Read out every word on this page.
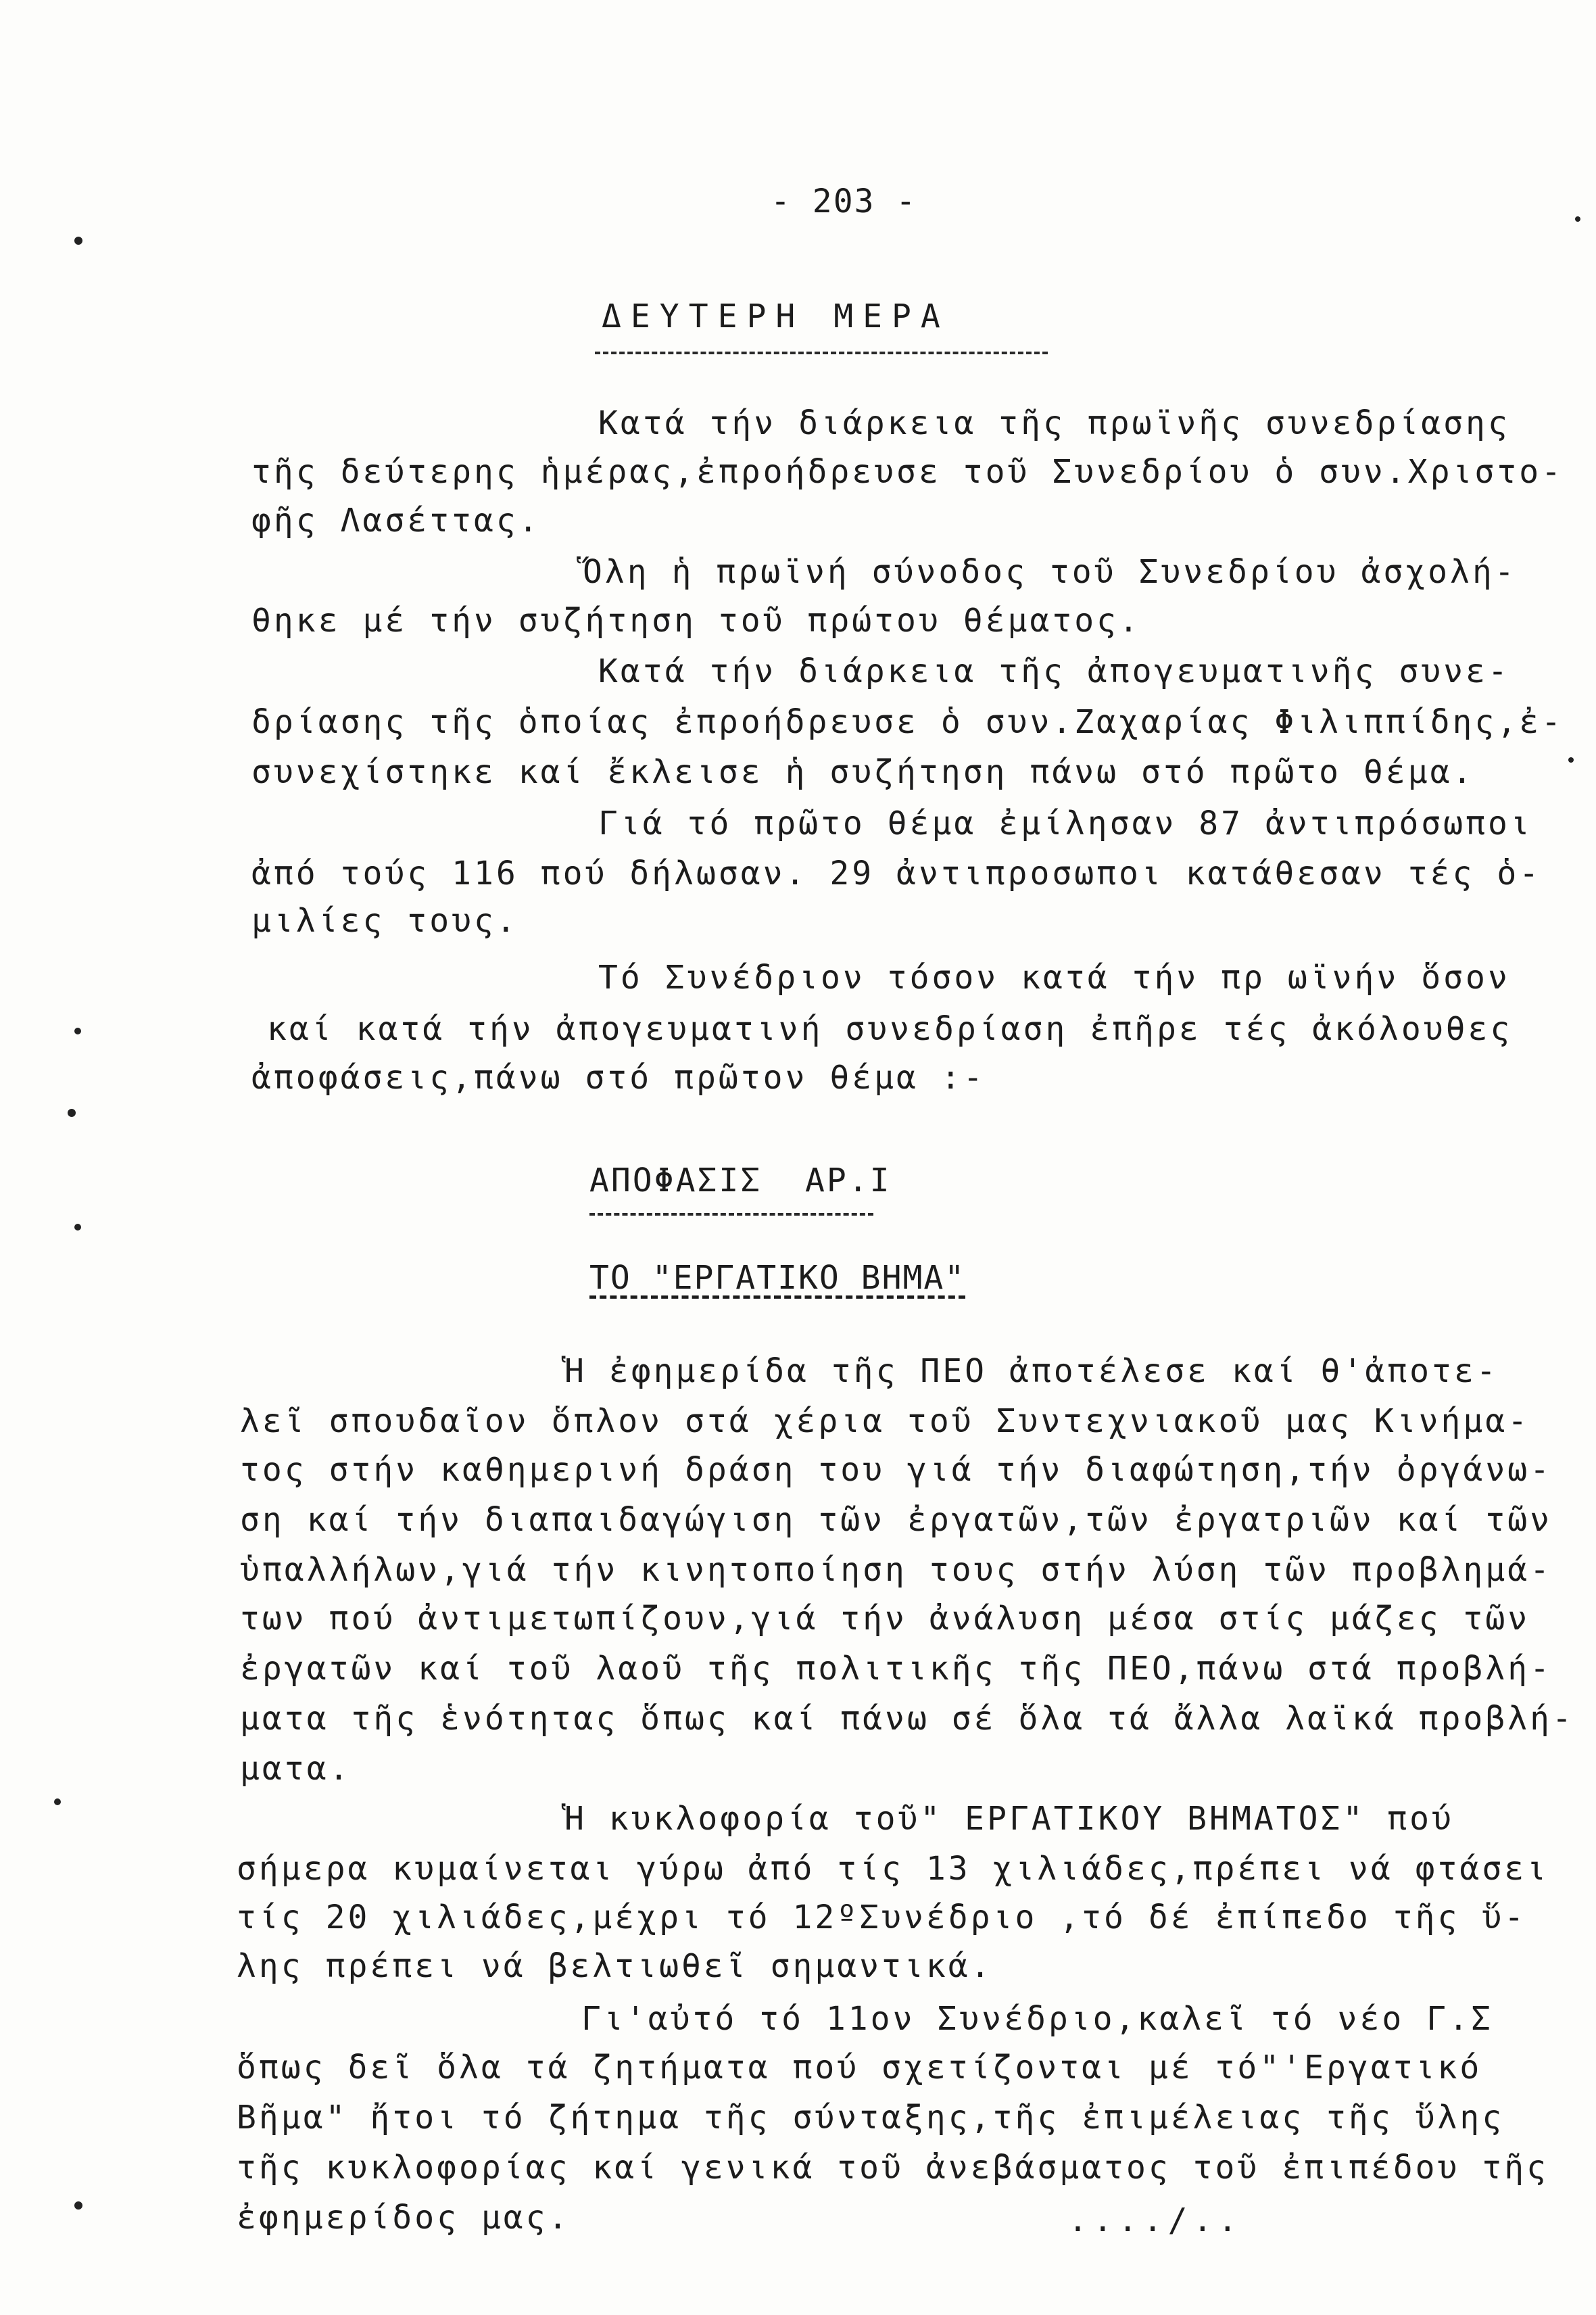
- 203 -
ΔΕΥΤΕΡΗ ΜΕΡΑ
Κατά τήν διάρκεια τῆς πρωϊνῆς συνεδρίασης
τῆς δεύτερης ἡμέρας,ἐπροήδρευσε τοῦ Συνεδρίου ὁ συν.Χριστο-
φῆς Λασέττας.
Ὅλη ἡ πρωϊνή σύνοδος τοῦ Συνεδρίου ἀσχολή-
θηκε μέ τήν συζήτηση τοῦ πρώτου θέματος.
Κατά τήν διάρκεια τῆς ἀπογευματινῆς συνε-
δρίασης τῆς ὁποίας ἐπροήδρευσε ὁ συν.Ζαχαρίας Φιλιππίδης,ἐ-
συνεχίστηκε καί ἔκλεισε ἡ συζήτηση πάνω στό πρῶτο θέμα.
Γιά τό πρῶτο θέμα ἐμίλησαν 87 ἀντιπρόσωποι
ἀπό τούς 116 πού δήλωσαν. 29 ἀντιπροσωποι κατάθεσαν τές ὁ-
μιλίες τους.
Τό Συνέδριον τόσον κατά τήν πρ ωϊνήν ὅσον
καί κατά τήν ἀπογευματινή συνεδρίαση ἐπῆρε τές ἀκόλουθες
ἀποφάσεις,πάνω στό πρῶτον θέμα :-
ΑΠΟΦΑΣΙΣ  ΑΡ.Ι
ΤΟ "ΕΡΓΑΤΙΚΟ ΒΗΜΑ"
Ἡ ἐφημερίδα τῆς ΠΕΟ ἀποτέλεσε καί θ'ἀποτε-
λεῖ σπουδαῖον ὅπλον στά χέρια τοῦ Συντεχνιακοῦ μας Κινήμα-
τος στήν καθημερινή δράση του γιά τήν διαφώτηση,τήν ὀργάνω-
ση καί τήν διαπαιδαγώγιση τῶν ἐργατῶν,τῶν ἐργατριῶν καί τῶν
ὑπαλλήλων,γιά τήν κινητοποίηση τους στήν λύση τῶν προβλημά-
των πού ἀντιμετωπίζουν,γιά τήν ἀνάλυση μέσα στίς μάζες τῶν
ἐργατῶν καί τοῦ λαοῦ τῆς πολιτικῆς τῆς ΠΕΟ,πάνω στά προβλή-
ματα τῆς ἑνότητας ὅπως καί πάνω σέ ὅλα τά ἄλλα λαϊκά προβλή-
ματα.
Ἡ κυκλοφορία τοῦ" ΕΡΓΑΤΙΚΟΥ ΒΗΜΑΤΟΣ" πού
σήμερα κυμαίνεται γύρω ἀπό τίς 13 χιλιάδες,πρέπει νά φτάσει
τίς 20 χιλιάδες,μέχρι τό 12ºΣυνέδριο ,τό δέ ἐπίπεδο τῆς ὕ-
λης πρέπει νά βελτιωθεῖ σημαντικά.
Γι'αὐτό τό 11ον Συνέδριο,καλεῖ τό νέο Γ.Σ
ὅπως δεῖ ὅλα τά ζητήματα πού σχετίζονται μέ τό"'Εργατικό
Βῆμα" ἤτοι τό ζήτημα τῆς σύνταξης,τῆς ἐπιμέλειας τῆς ὕλης
τῆς κυκλοφορίας καί γενικά τοῦ ἀνεβάσματος τοῦ ἐπιπέδου τῆς
ἐφημερίδος μας.	..../..
